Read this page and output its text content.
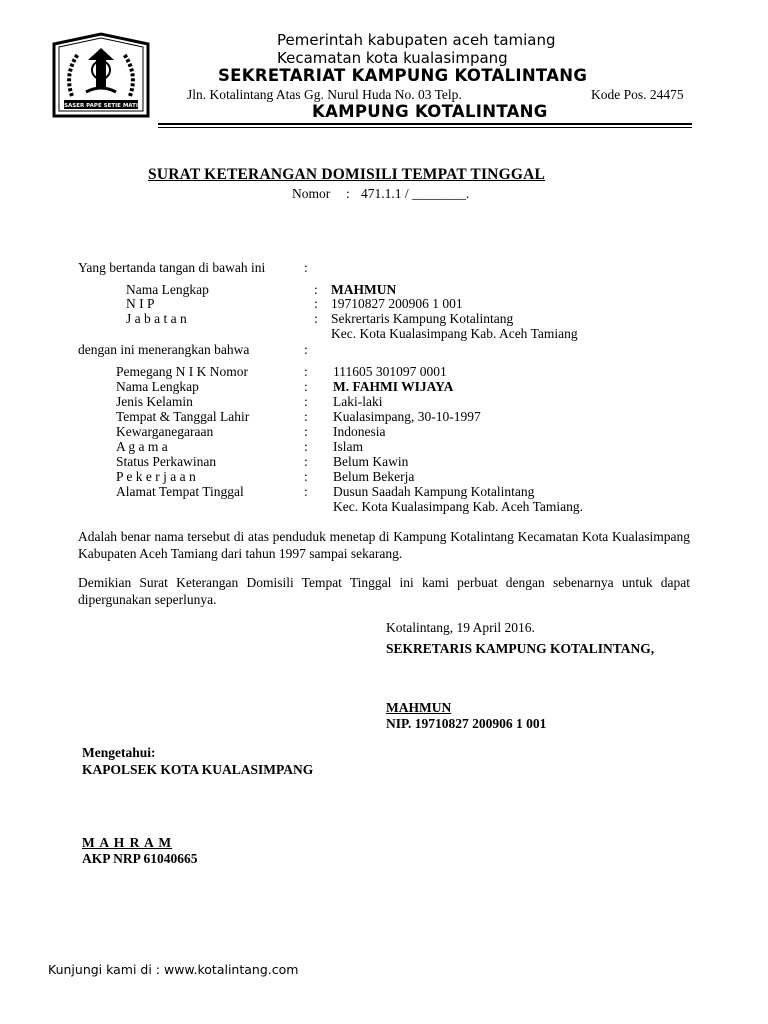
SASER PAPE SETIE MATI
Pemerintah kabupaten aceh tamiang
Kecamatan kota kualasimpang
SEKRETARIAT KAMPUNG KOTALINTANG
Jln. Kotalintang Atas Gg. Nurul Huda No. 03 Telp.	Kode Pos. 24475
KAMPUNG KOTALINTANG
SURAT KETERANGAN DOMISILI TEMPAT TINGGAL
Nomor : 471.1.1 / ________.
Yang bertanda tangan di bawah ini	:
Nama Lengkap	: MAHMUN
N I P	: 19710827 200906 1 001
J a b a t a n	: Sekrertaris Kampung Kotalintang
Kec. Kota Kualasimpang Kab. Aceh Tamiang
dengan ini menerangkan bahwa	:
Pemegang N I K Nomor	: 111605 301097 0001
Nama Lengkap	: M. FAHMI WIJAYA
Jenis Kelamin	: Laki-laki
Tempat & Tanggal Lahir	: Kualasimpang, 30-10-1997
Kewarganegaraan	: Indonesia
A g a m a	: Islam
Status Perkawinan	: Belum Kawin
P e k e r j a a n	: Belum Bekerja
Alamat Tempat Tinggal	: Dusun Saadah Kampung Kotalintang
Kec. Kota Kualasimpang Kab. Aceh Tamiang.
Adalah benar nama tersebut di atas penduduk menetap di Kampung Kotalintang Kecamatan Kota Kualasimpang Kabupaten Aceh Tamiang dari tahun 1997 sampai sekarang.
Demikian Surat Keterangan Domisili Tempat Tinggal ini kami perbuat dengan sebenarnya untuk dapat dipergunakan seperlunya.
Kotalintang, 19 April 2016.
SEKRETARIS KAMPUNG KOTALINTANG,
MAHMUN
NIP. 19710827 200906 1 001
Mengetahui:
KAPOLSEK KOTA KUALASIMPANG
M A H R A M
AKP NRP 61040665
Kunjungi kami di : www.kotalintang.com
